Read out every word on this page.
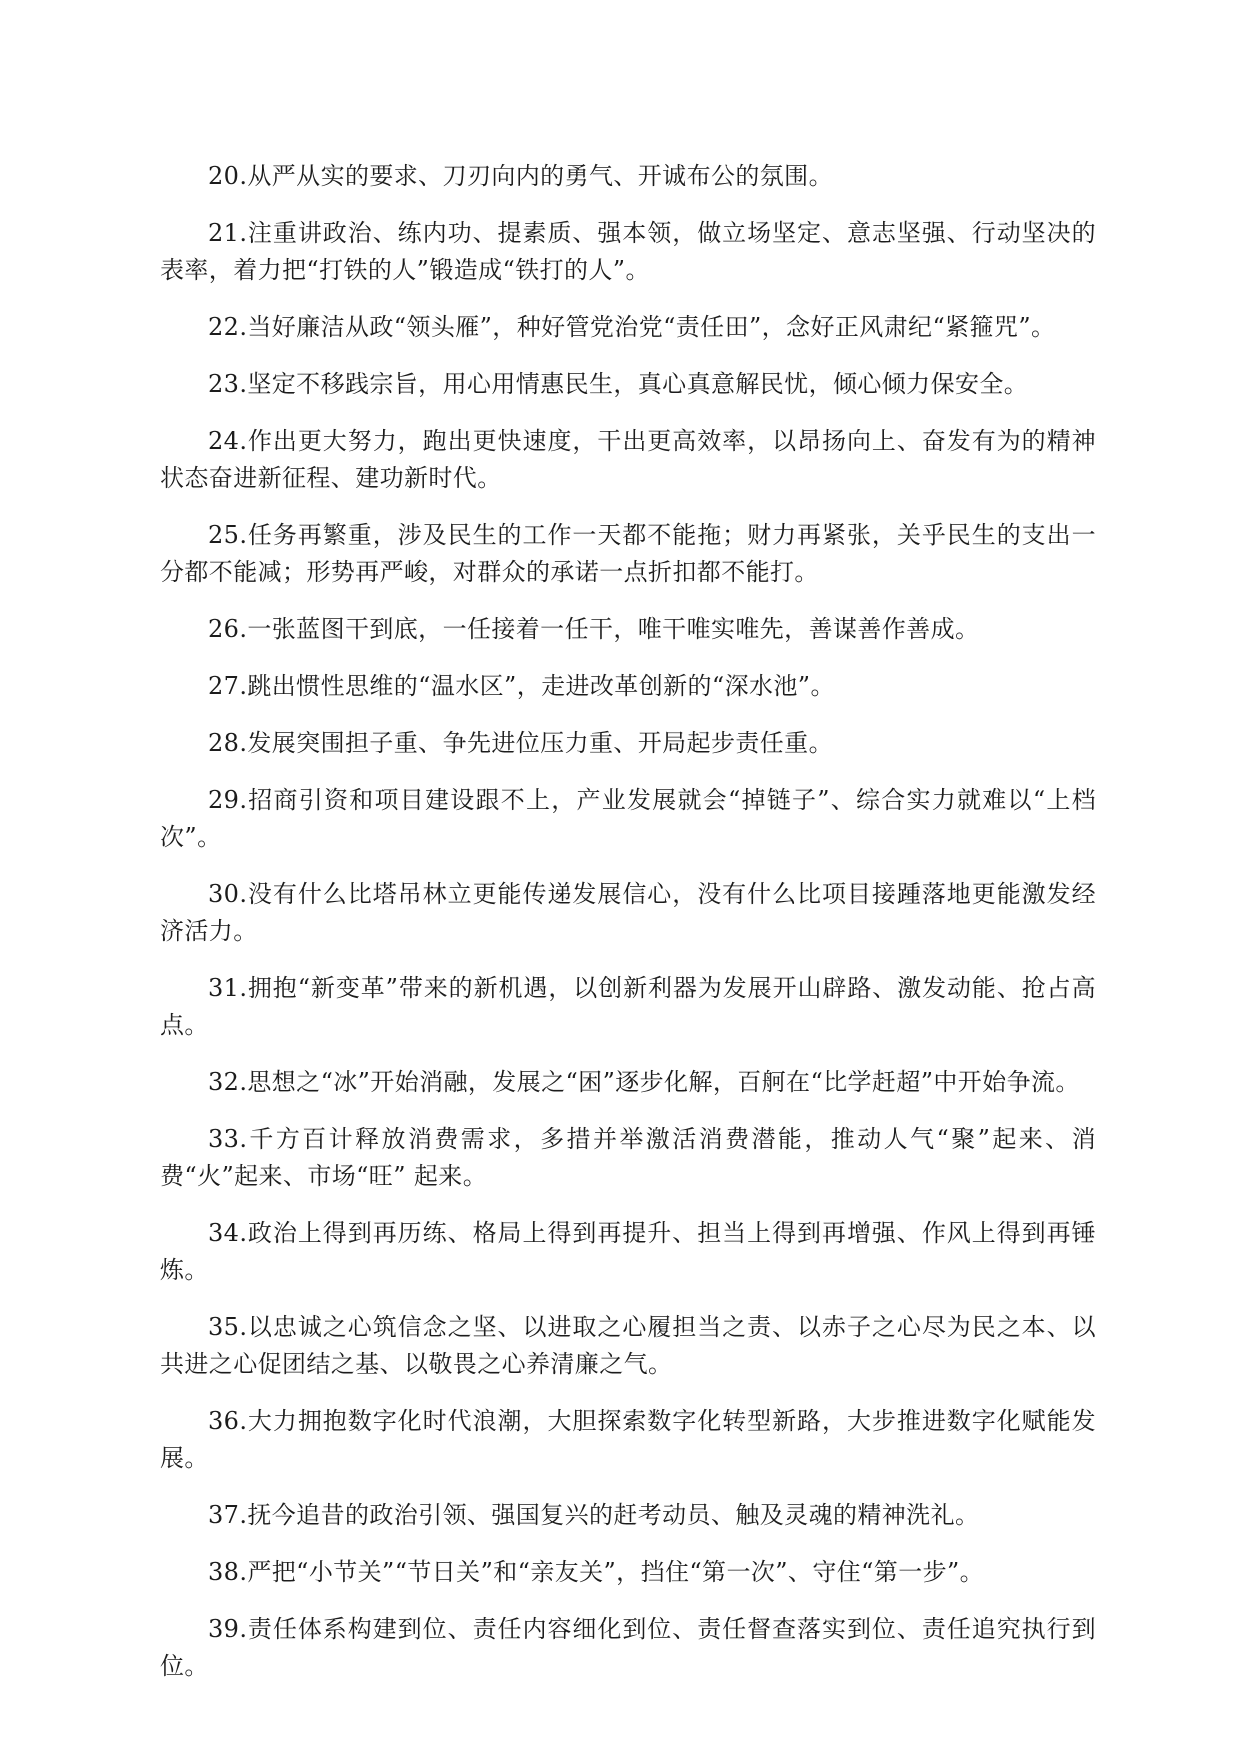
20.从严从实的要求、刀刃向内的勇气、开诚布公的氛围。

21.注重讲政治、练内功、提素质、强本领，做立场坚定、意志坚强、行动坚决的表率，着力把“打铁的人”锻造成“铁打的人”。

22.当好廉洁从政“领头雁”，种好管党治党“责任田”，念好正风肃纪“紧箍咒”。

23.坚定不移践宗旨，用心用情惠民生，真心真意解民忧，倾心倾力保安全。

24.作出更大努力，跑出更快速度，干出更高效率，以昂扬向上、奋发有为的精神状态奋进新征程、建功新时代。

25.任务再繁重，涉及民生的工作一天都不能拖；财力再紧张，关乎民生的支出一分都不能减；形势再严峻，对群众的承诺一点折扣都不能打。

26.一张蓝图干到底，一任接着一任干，唯干唯实唯先，善谋善作善成。

27.跳出惯性思维的“温水区”，走进改革创新的“深水池”。

28.发展突围担子重、争先进位压力重、开局起步责任重。

29.招商引资和项目建设跟不上，产业发展就会“掉链子”、综合实力就难以“上档次”。

30.没有什么比塔吊林立更能传递发展信心，没有什么比项目接踵落地更能激发经济活力。

31.拥抱“新变革”带来的新机遇，以创新利器为发展开山辟路、激发动能、抢占高点。

32.思想之“冰”开始消融，发展之“困”逐步化解，百舸在“比学赶超”中开始争流。

33.千方百计释放消费需求，多措并举激活消费潜能，推动人气“聚”起来、消费“火”起来、市场“旺” 起来。

34.政治上得到再历练、格局上得到再提升、担当上得到再增强、作风上得到再锤炼。

35.以忠诚之心筑信念之坚、以进取之心履担当之责、以赤子之心尽为民之本、以共进之心促团结之基、以敬畏之心养清廉之气。

36.大力拥抱数字化时代浪潮，大胆探索数字化转型新路，大步推进数字化赋能发展。

37.抚今追昔的政治引领、强国复兴的赶考动员、触及灵魂的精神洗礼。

38.严把“小节关”“节日关”和“亲友关”，挡住“第一次”、守住“第一步”。

39.责任体系构建到位、责任内容细化到位、责任督查落实到位、责任追究执行到位。
